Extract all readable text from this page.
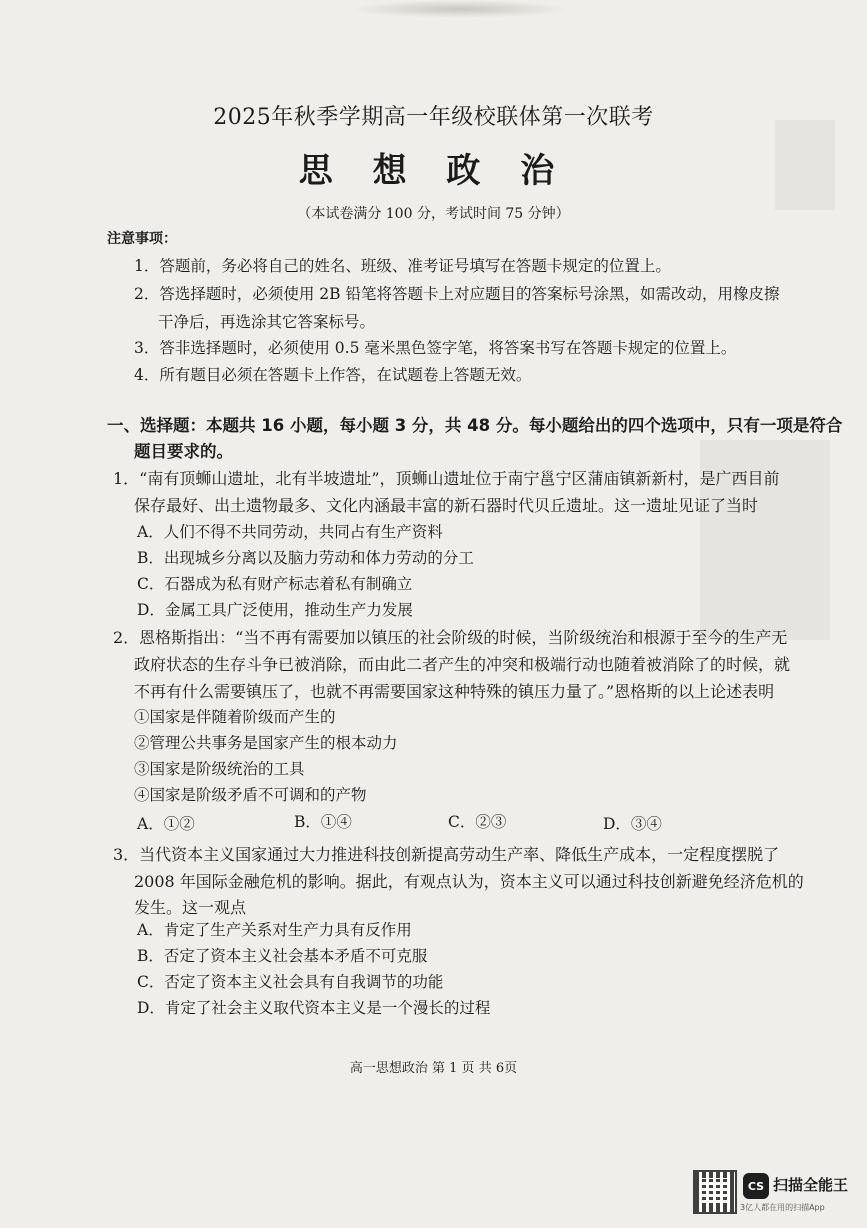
2025年秋季学期高一年级校联体第一次联考
思 想 政 治
（本试卷满分 100 分，考试时间 75 分钟）
注意事项：
1．答题前，务必将自己的姓名、班级、准考证号填写在答题卡规定的位置上。
2．答选择题时，必须使用 2B 铅笔将答题卡上对应题目的答案标号涂黑，如需改动，用橡皮擦
干净后，再选涂其它答案标号。
3．答非选择题时，必须使用 0.5 毫米黑色签字笔，将答案书写在答题卡规定的位置上。
4．所有题目必须在答题卡上作答，在试题卷上答题无效。
一、选择题：本题共 16 小题，每小题 3 分，共 48 分。每小题给出的四个选项中，只有一项是符合
题目要求的。
1．“南有顶蛳山遗址，北有半坡遗址”，顶蛳山遗址位于南宁邕宁区蒲庙镇新新村，是广西目前
保存最好、出土遗物最多、文化内涵最丰富的新石器时代贝丘遗址。这一遗址见证了当时
A．人们不得不共同劳动，共同占有生产资料
B．出现城乡分离以及脑力劳动和体力劳动的分工
C．石器成为私有财产标志着私有制确立
D．金属工具广泛使用，推动生产力发展
2．恩格斯指出：“当不再有需要加以镇压的社会阶级的时候，当阶级统治和根源于至今的生产无
政府状态的生存斗争已被消除，而由此二者产生的冲突和极端行动也随着被消除了的时候，就
不再有什么需要镇压了，也就不再需要国家这种特殊的镇压力量了。”恩格斯的以上论述表明
①国家是伴随着阶级而产生的
②管理公共事务是国家产生的根本动力
③国家是阶级统治的工具
④国家是阶级矛盾不可调和的产物
A．①②	B．①④	C．②③	D．③④
3．当代资本主义国家通过大力推进科技创新提高劳动生产率、降低生产成本，一定程度摆脱了
2008 年国际金融危机的影响。据此，有观点认为，资本主义可以通过科技创新避免经济危机的
发生。这一观点
A．肯定了生产关系对生产力具有反作用
B．否定了资本主义社会基本矛盾不可克服
C．否定了资本主义社会具有自我调节的功能
D．肯定了社会主义取代资本主义是一个漫长的过程
高一思想政治 第 1 页 共 6页
CS 扫描全能王
3亿人都在用的扫描App
